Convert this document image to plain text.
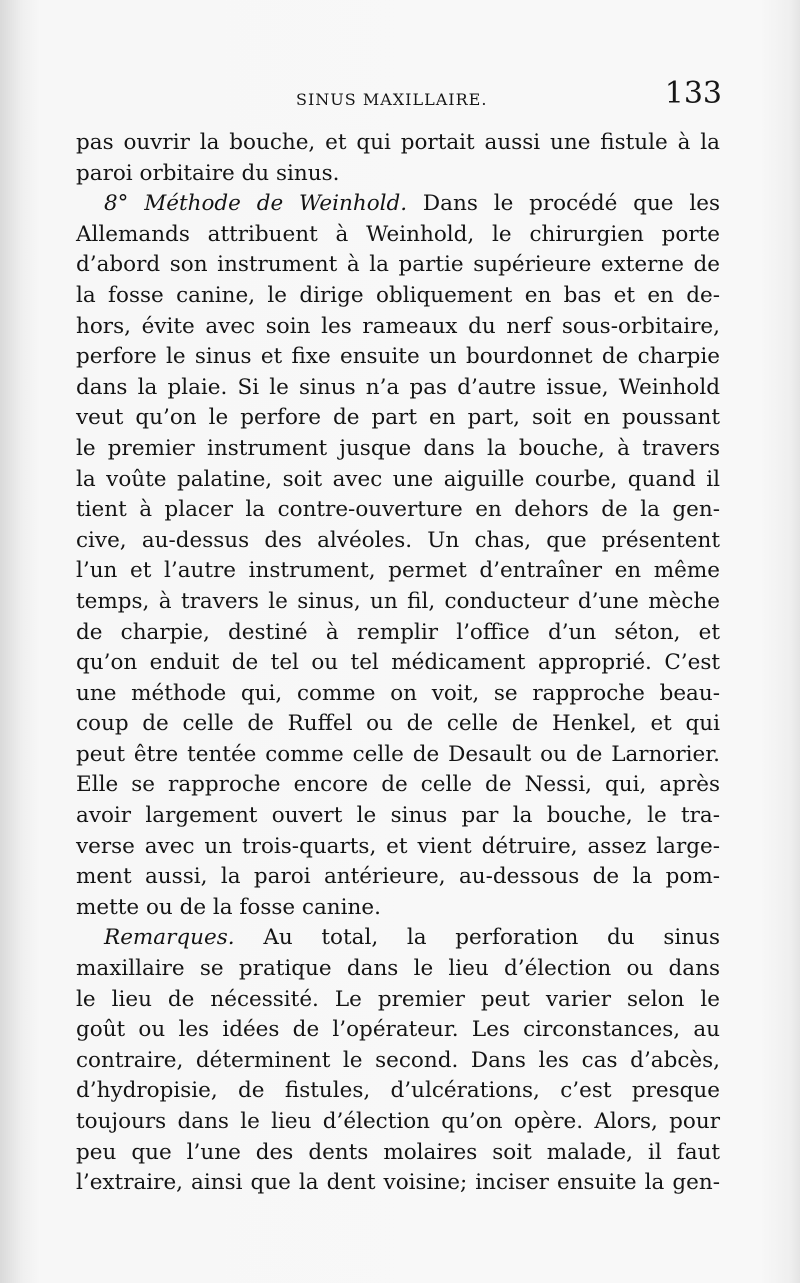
SINUS MAXILLAIRE.	133
pas ouvrir la bouche, et qui portait aussi une fistule à la
paroi orbitaire du sinus.
8° Méthode de Weinhold. Dans le procédé que les
Allemands attribuent à Weinhold, le chirurgien porte
d’abord son instrument à la partie supérieure externe de
la fosse canine, le dirige obliquement en bas et en de-
hors, évite avec soin les rameaux du nerf sous-orbitaire,
perfore le sinus et fixe ensuite un bourdonnet de charpie
dans la plaie. Si le sinus n’a pas d’autre issue, Weinhold
veut qu’on le perfore de part en part, soit en poussant
le premier instrument jusque dans la bouche, à travers
la voûte palatine, soit avec une aiguille courbe, quand il
tient à placer la contre-ouverture en dehors de la gen-
cive, au-dessus des alvéoles. Un chas, que présentent
l’un et l’autre instrument, permet d’entraîner en même
temps, à travers le sinus, un fil, conducteur d’une mèche
de charpie, destiné à remplir l’office d’un séton, et
qu’on enduit de tel ou tel médicament approprié. C’est
une méthode qui, comme on voit, se rapproche beau-
coup de celle de Ruffel ou de celle de Henkel, et qui
peut être tentée comme celle de Desault ou de Larnorier.
Elle se rapproche encore de celle de Nessi, qui, après
avoir largement ouvert le sinus par la bouche, le tra-
verse avec un trois-quarts, et vient détruire, assez large-
ment aussi, la paroi antérieure, au-dessous de la pom-
mette ou de la fosse canine.
Remarques. Au total, la perforation du sinus
maxillaire se pratique dans le lieu d’élection ou dans
le lieu de nécessité. Le premier peut varier selon le
goût ou les idées de l’opérateur. Les circonstances, au
contraire, déterminent le second. Dans les cas d’abcès,
d’hydropisie, de fistules, d’ulcérations, c’est presque
toujours dans le lieu d’élection qu’on opère. Alors, pour
peu que l’une des dents molaires soit malade, il faut
l’extraire, ainsi que la dent voisine; inciser ensuite la gen-
